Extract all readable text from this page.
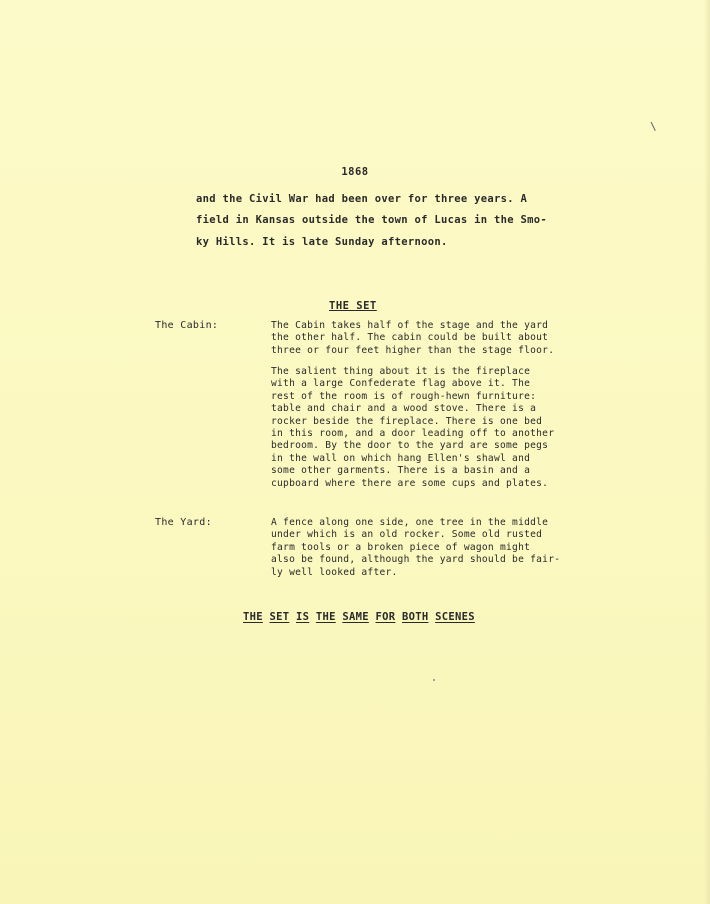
\
1868
and the Civil War had been over for three years. A
field in Kansas outside the town of Lucas in the Smo-
ky Hills. It is late Sunday afternoon.
THE SET
The Cabin:	The Cabin takes half of the stage and the yard
the other half. The cabin could be built about
three or four feet higher than the stage floor.
The salient thing about it is the fireplace
with a large Confederate flag above it. The
rest of the room is of rough-hewn furniture:
table and chair and a wood stove. There is a
rocker beside the fireplace. There is one bed
in this room, and a door leading off to another
bedroom. By the door to the yard are some pegs
in the wall on which hang Ellen's shawl and
some other garments. There is a basin and a
cupboard where there are some cups and plates.
The Yard:	A fence along one side, one tree in the middle
under which is an old rocker. Some old rusted
farm tools or a broken piece of wagon might
also be found, although the yard should be fair-
ly well looked after.
THE SET IS THE SAME FOR BOTH SCENES
